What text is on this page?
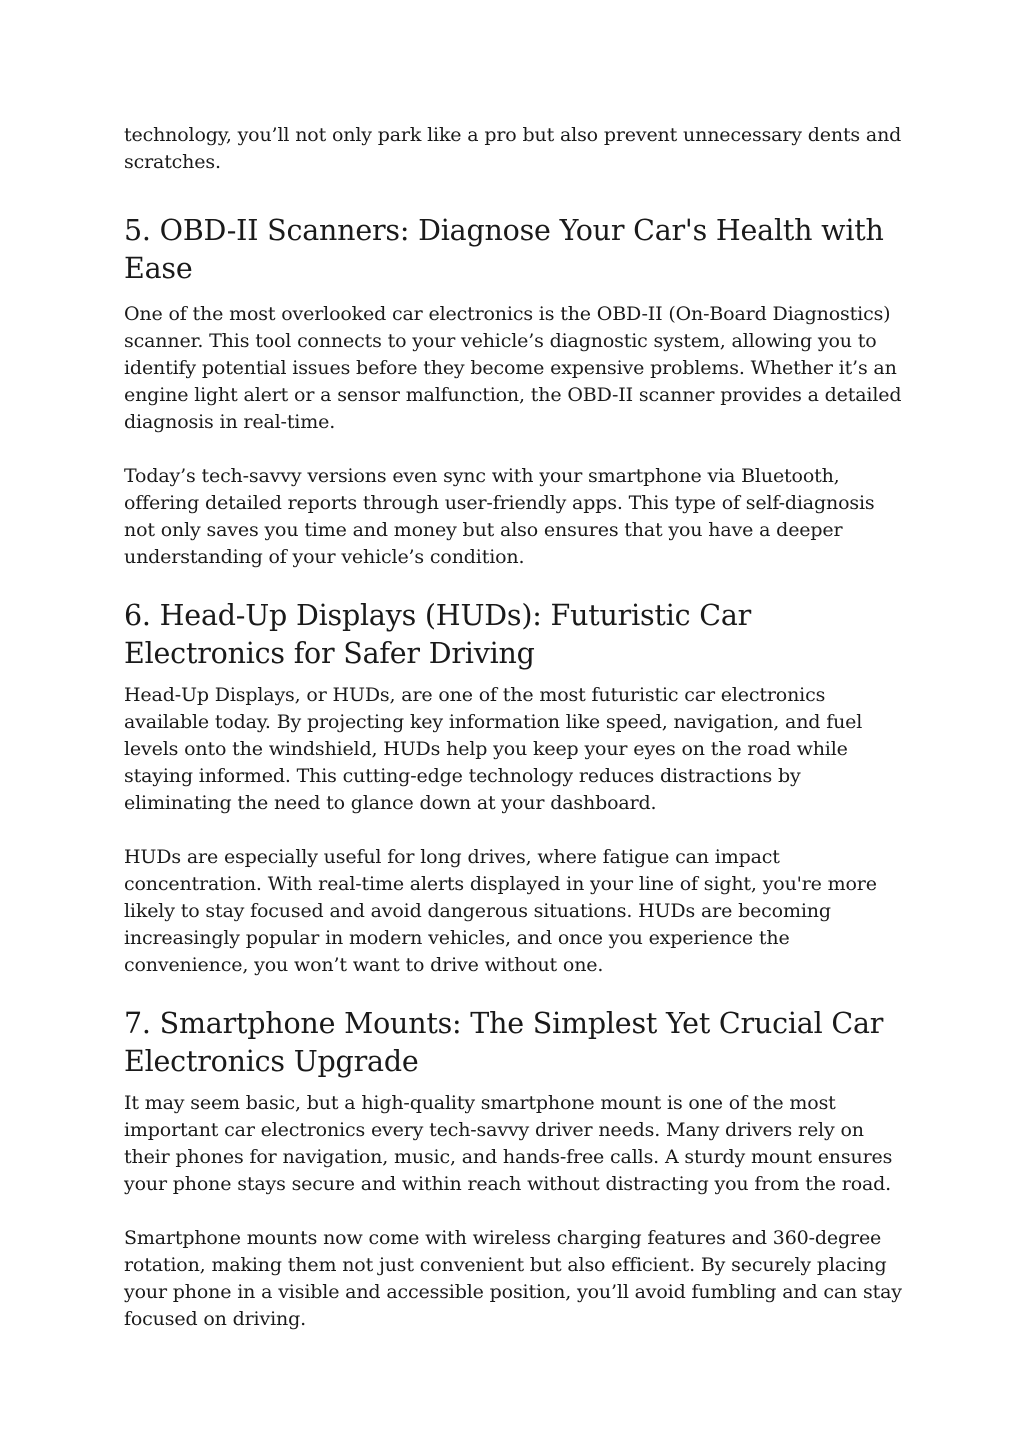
technology, you’ll not only park like a pro but also prevent unnecessary dents and scratches.

5. OBD-II Scanners: Diagnose Your Car's Health with Ease

One of the most overlooked car electronics is the OBD-II (On-Board Diagnostics) scanner. This tool connects to your vehicle’s diagnostic system, allowing you to identify potential issues before they become expensive problems. Whether it’s an engine light alert or a sensor malfunction, the OBD-II scanner provides a detailed diagnosis in real-time.

Today’s tech-savvy versions even sync with your smartphone via Bluetooth, offering detailed reports through user-friendly apps. This type of self-diagnosis not only saves you time and money but also ensures that you have a deeper understanding of your vehicle’s condition.

6. Head-Up Displays (HUDs): Futuristic Car Electronics for Safer Driving

Head-Up Displays, or HUDs, are one of the most futuristic car electronics available today. By projecting key information like speed, navigation, and fuel levels onto the windshield, HUDs help you keep your eyes on the road while staying informed. This cutting-edge technology reduces distractions by eliminating the need to glance down at your dashboard.

HUDs are especially useful for long drives, where fatigue can impact concentration. With real-time alerts displayed in your line of sight, you're more likely to stay focused and avoid dangerous situations. HUDs are becoming increasingly popular in modern vehicles, and once you experience the convenience, you won’t want to drive without one.

7. Smartphone Mounts: The Simplest Yet Crucial Car Electronics Upgrade

It may seem basic, but a high-quality smartphone mount is one of the most important car electronics every tech-savvy driver needs. Many drivers rely on their phones for navigation, music, and hands-free calls. A sturdy mount ensures your phone stays secure and within reach without distracting you from the road.

Smartphone mounts now come with wireless charging features and 360-degree rotation, making them not just convenient but also efficient. By securely placing your phone in a visible and accessible position, you’ll avoid fumbling and can stay focused on driving.
